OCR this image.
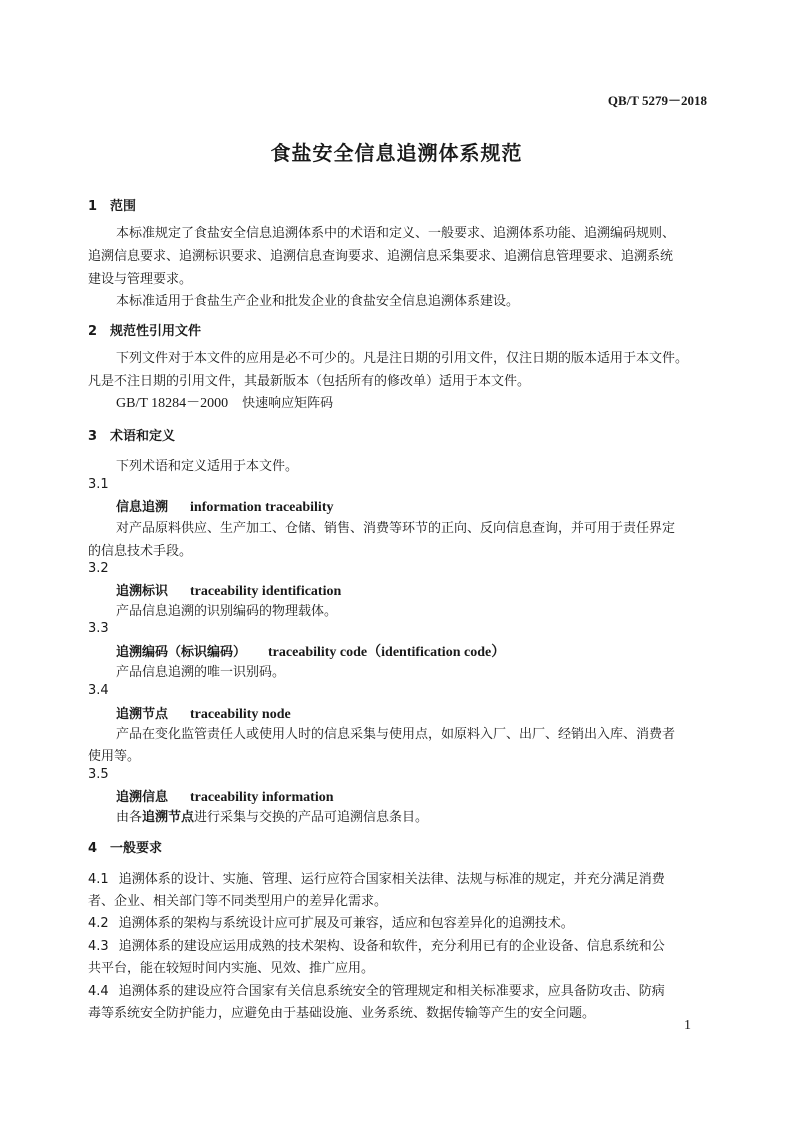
QB/T 5279－2018
食盐安全信息追溯体系规范
1 范围
本标准规定了食盐安全信息追溯体系中的术语和定义、一般要求、追溯体系功能、追溯编码规则、
追溯信息要求、追溯标识要求、追溯信息查询要求、追溯信息采集要求、追溯信息管理要求、追溯系统
建设与管理要求。
本标准适用于食盐生产企业和批发企业的食盐安全信息追溯体系建设。
2 规范性引用文件
下列文件对于本文件的应用是必不可少的。凡是注日期的引用文件，仅注日期的版本适用于本文件。
凡是不注日期的引用文件，其最新版本（包括所有的修改单）适用于本文件。
GB/T 18284－2000 快速响应矩阵码
3 术语和定义
下列术语和定义适用于本文件。
3.1
信息追溯 information traceability
对产品原料供应、生产加工、仓储、销售、消费等环节的正向、反向信息查询，并可用于责任界定
的信息技术手段。
3.2
追溯标识 traceability identification
产品信息追溯的识别编码的物理载体。
3.3
追溯编码（标识编码） traceability code（identification code）
产品信息追溯的唯一识别码。
3.4
追溯节点 traceability node
产品在变化监管责任人或使用人时的信息采集与使用点，如原料入厂、出厂、经销出入库、消费者
使用等。
3.5
追溯信息 traceability information
由各追溯节点进行采集与交换的产品可追溯信息条目。
4 一般要求
4.1 追溯体系的设计、实施、管理、运行应符合国家相关法律、法规与标准的规定，并充分满足消费
者、企业、相关部门等不同类型用户的差异化需求。
4.2 追溯体系的架构与系统设计应可扩展及可兼容，适应和包容差异化的追溯技术。
4.3 追溯体系的建设应运用成熟的技术架构、设备和软件，充分利用已有的企业设备、信息系统和公
共平台，能在较短时间内实施、见效、推广应用。
4.4 追溯体系的建设应符合国家有关信息系统安全的管理规定和相关标准要求，应具备防攻击、防病
毒等系统安全防护能力，应避免由于基础设施、业务系统、数据传输等产生的安全问题。
1
